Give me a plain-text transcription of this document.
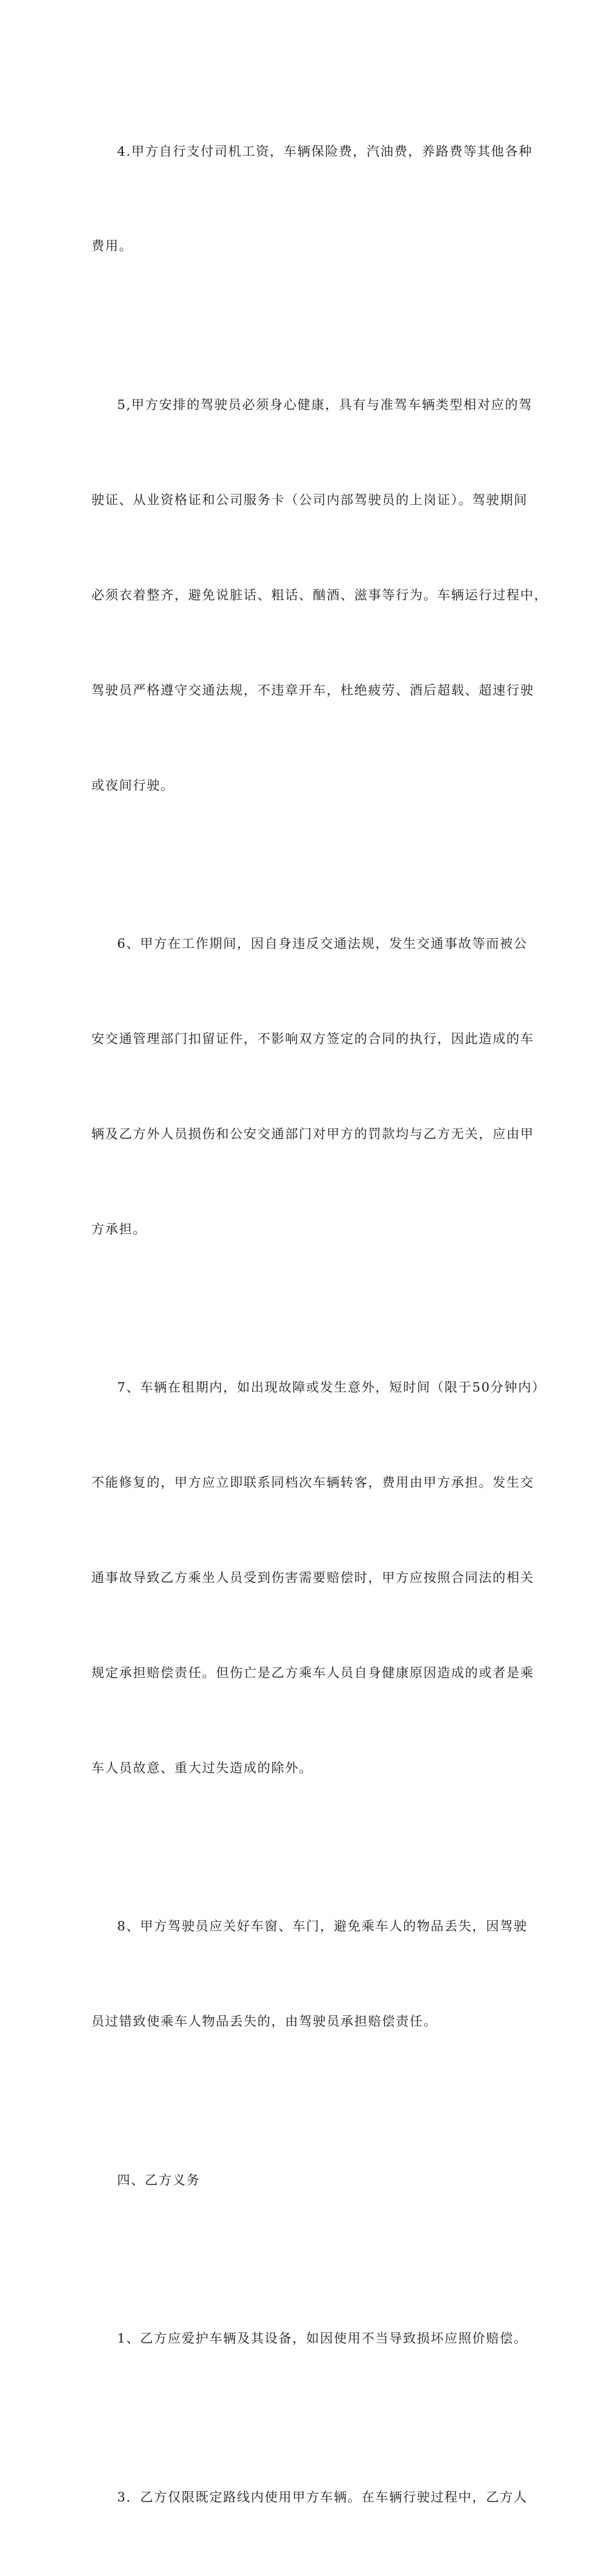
4.甲方自行支付司机工资，车辆保险费，汽油费，养路费等其他各种

费用。

5,甲方安排的驾驶员必须身心健康，具有与准驾车辆类型相对应的驾

驶证、从业资格证和公司服务卡（公司内部驾驶员的上岗证）。驾驶期间

必须衣着整齐，避免说脏话、粗话、酗酒、滋事等行为。车辆运行过程中，

驾驶员严格遵守交通法规，不违章开车，杜绝疲劳、酒后超载、超速行驶

或夜间行驶。

6、甲方在工作期间，因自身违反交通法规，发生交通事故等而被公

安交通管理部门扣留证件，不影响双方签定的合同的执行，因此造成的车

辆及乙方外人员损伤和公安交通部门对甲方的罚款均与乙方无关，应由甲

方承担。

7、车辆在租期内，如出现故障或发生意外，短时间（限于50分钟内）

不能修复的，甲方应立即联系同档次车辆转客，费用由甲方承担。发生交

通事故导致乙方乘坐人员受到伤害需要赔偿时，甲方应按照合同法的相关

规定承担赔偿责任。但伤亡是乙方乘车人员自身健康原因造成的或者是乘

车人员故意、重大过失造成的除外。

8、甲方驾驶员应关好车窗、车门，避免乘车人的物品丢失，因驾驶

员过错致使乘车人物品丢失的，由驾驶员承担赔偿责任。

四、乙方义务

1、乙方应爱护车辆及其设备，如因使用不当导致损坏应照价赔偿。

3．乙方仅限既定路线内使用甲方车辆。在车辆行驶过程中，乙方人
